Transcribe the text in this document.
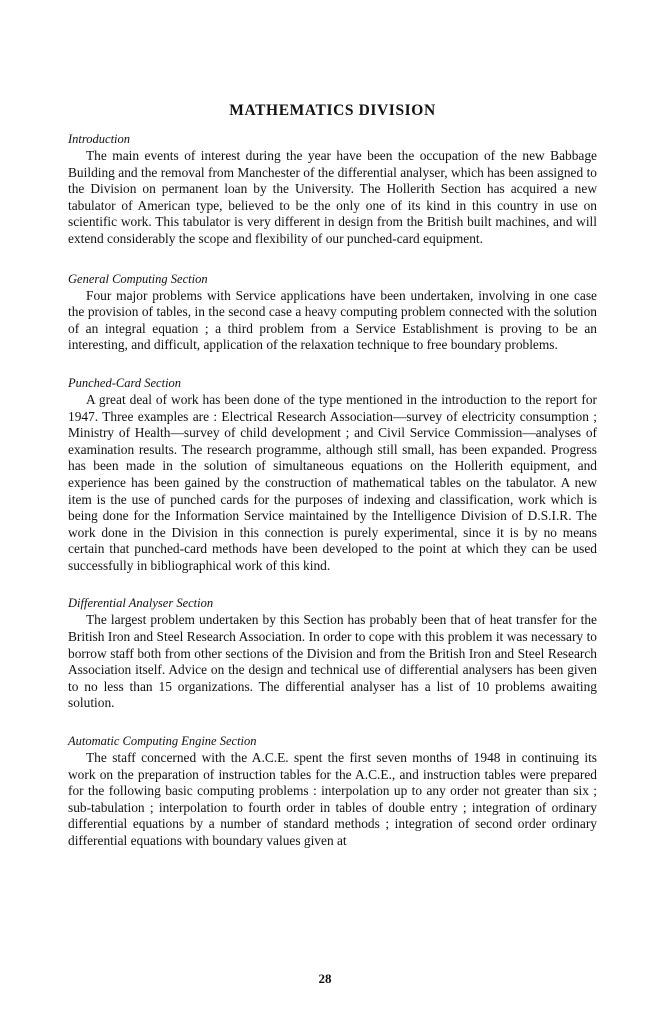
MATHEMATICS DIVISION

Introduction

The main events of interest during the year have been the occupation of the new Babbage Building and the removal from Manchester of the differential analyser, which has been assigned to the Division on permanent loan by the University. The Hollerith Section has acquired a new tabulator of American type, believed to be the only one of its kind in this country in use on scientific work. This tabulator is very different in design from the British built machines, and will extend considerably the scope and flexibility of our punched-card equipment.

General Computing Section

Four major problems with Service applications have been undertaken, involving in one case the provision of tables, in the second case a heavy computing problem connected with the solution of an integral equation ; a third problem from a Service Establishment is proving to be an interesting, and difficult, application of the relaxation technique to free boundary problems.

Punched-Card Section

A great deal of work has been done of the type mentioned in the introduction to the report for 1947. Three examples are : Electrical Research Association—survey of electricity consumption ; Ministry of Health—survey of child development ; and Civil Service Commission—analyses of examination results. The research programme, although still small, has been expanded. Progress has been made in the solution of simultaneous equations on the Hollerith equipment, and experience has been gained by the construction of mathematical tables on the tabulator. A new item is the use of punched cards for the purposes of indexing and classification, work which is being done for the Information Service maintained by the Intelligence Division of D.S.I.R. The work done in the Division in this connection is purely experimental, since it is by no means certain that punched-card methods have been developed to the point at which they can be used successfully in bibliographical work of this kind.

Differential Analyser Section

The largest problem undertaken by this Section has probably been that of heat transfer for the British Iron and Steel Research Association. In order to cope with this problem it was necessary to borrow staff both from other sections of the Division and from the British Iron and Steel Research Association itself. Advice on the design and technical use of differential analysers has been given to no less than 15 organizations. The differential analyser has a list of 10 problems awaiting solution.

Automatic Computing Engine Section

The staff concerned with the A.C.E. spent the first seven months of 1948 in continuing its work on the preparation of instruction tables for the A.C.E., and instruction tables were prepared for the following basic computing problems : interpolation up to any order not greater than six ; sub-tabulation ; interpolation to fourth order in tables of double entry ; integration of ordinary differential equations by a number of standard methods ; integration of second order ordinary differential equations with boundary values given at

28
